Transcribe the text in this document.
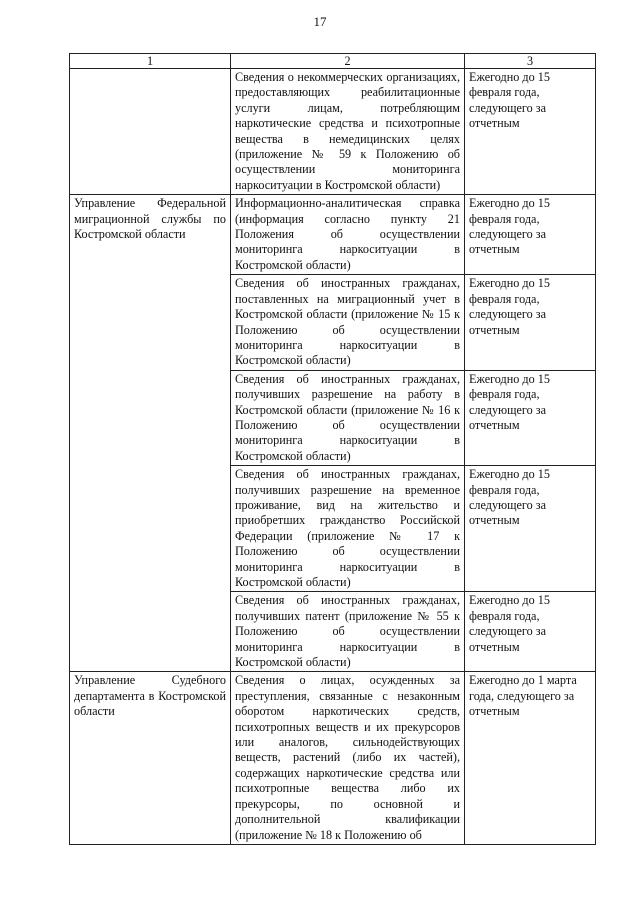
17
1	2	3
	Сведения о некоммерческих организациях, предоставляющих реабилитационные услуги лицам, потребляющим наркотические средства и психотропные вещества в немедицинских целях (приложение № 59 к Положению об осуществлении мониторинга наркоситуации в Костромской области)	Ежегодно до 15 февраля года, следующего за отчетным
Управление Федеральной миграционной службы по Костромской области	Информационно-аналитическая справка (информация согласно пункту 21 Положения об осуществлении мониторинга наркоситуации в Костромской области)	Ежегодно до 15 февраля года, следующего за отчетным
	Сведения об иностранных гражданах, поставленных на миграционный учет в Костромской области (приложение № 15 к Положению об осуществлении мониторинга наркоситуации в Костромской области)	Ежегодно до 15 февраля года, следующего за отчетным
	Сведения об иностранных гражданах, получивших разрешение на работу в Костромской области (приложение № 16 к Положению об осуществлении мониторинга наркоситуации в Костромской области)	Ежегодно до 15 февраля года, следующего за отчетным
	Сведения об иностранных гражданах, получивших разрешение на временное проживание, вид на жительство и приобретших гражданство Российской Федерации (приложение № 17 к Положению об осуществлении мониторинга наркоситуации в Костромской области)	Ежегодно до 15 февраля года, следующего за отчетным
	Сведения об иностранных гражданах, получивших патент (приложение № 55 к Положению об осуществлении мониторинга наркоситуации в Костромской области)	Ежегодно до 15 февраля года, следующего за отчетным
Управление Судебного департамента в Костромской области	Сведения о лицах, осужденных за преступления, связанные с незаконным оборотом наркотических средств, психотропных веществ и их прекурсоров или аналогов, сильнодействующих веществ, растений (либо их частей), содержащих наркотические средства или психотропные вещества либо их прекурсоры, по основной и дополнительной квалификации (приложение № 18 к Положению об	Ежегодно до 1 марта года, следующего за отчетным
